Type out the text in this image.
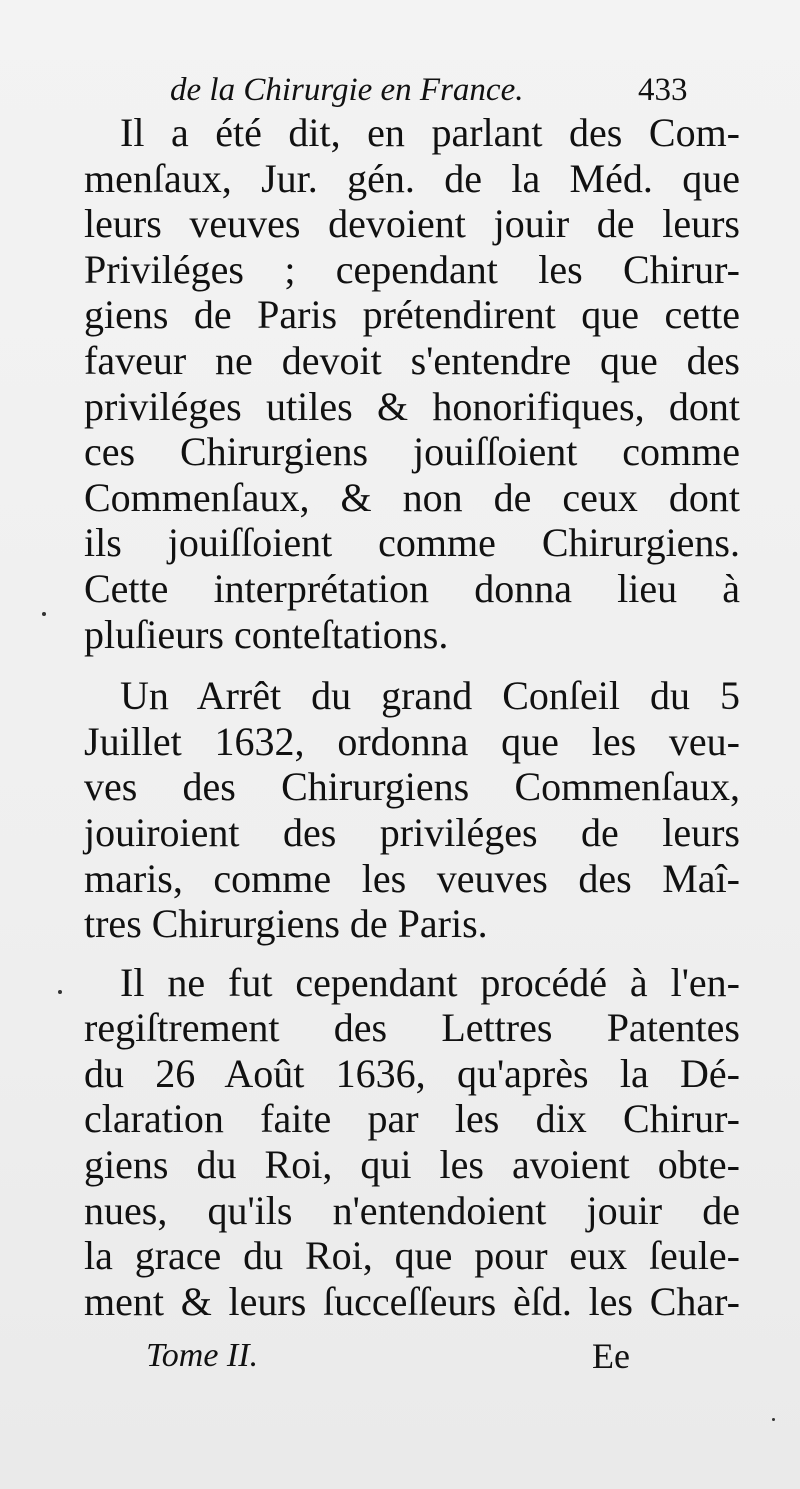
de la Chirurgie en France.	433

Il a été dit, en parlant des Com-
menſaux, Jur. gén. de la Méd. que
leurs veuves devoient jouir de leurs
Priviléges ; cependant les Chirur-
giens de Paris prétendirent que cette
faveur ne devoit s'entendre que des
priviléges utiles & honorifiques, dont
ces Chirurgiens jouiſſoient comme
Commenſaux, & non de ceux dont
ils jouiſſoient comme Chirurgiens.
Cette interprétation donna lieu à
pluſieurs conteſtations.

Un Arrêt du grand Conſeil du 5
Juillet 1632, ordonna que les veu-
ves des Chirurgiens Commenſaux,
jouiroient des priviléges de leurs
maris, comme les veuves des Maî-
tres Chirurgiens de Paris.

Il ne fut cependant procédé à l'en-
regiſtrement des Lettres Patentes
du 26 Août 1636, qu'après la Dé-
claration faite par les dix Chirur-
giens du Roi, qui les avoient obte-
nues, qu'ils n'entendoient jouir de
la grace du Roi, que pour eux ſeule-
ment & leurs ſucceſſeurs èſd. les Char-

Tome II.	Ee
